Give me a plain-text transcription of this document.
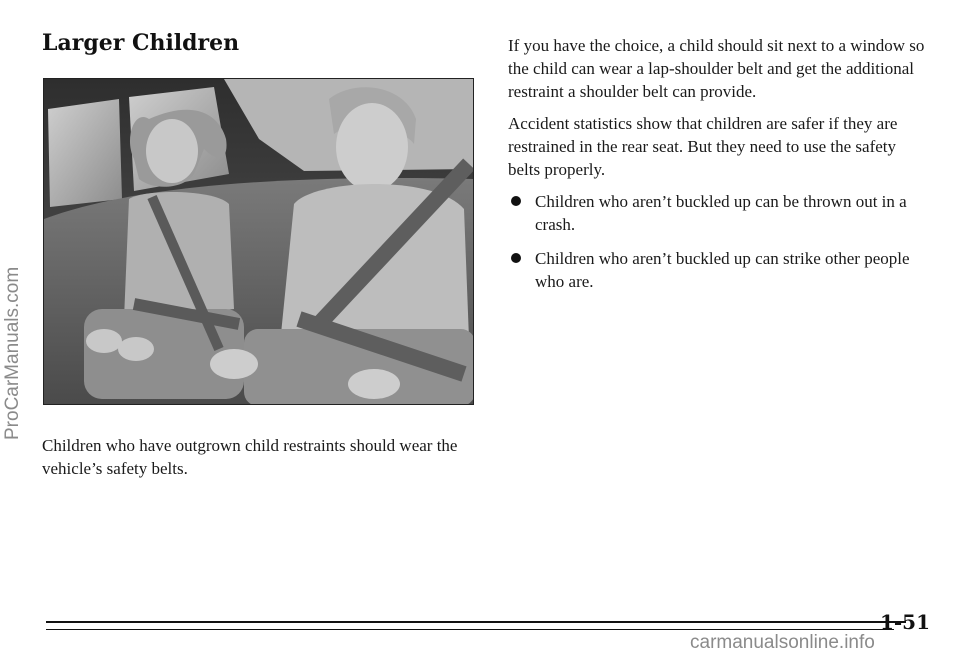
Larger Children

Children who have outgrown child restraints should wear the vehicle’s safety belts.

If you have the choice, a child should sit next to a window so the child can wear a lap-shoulder belt and get the additional restraint a shoulder belt can provide.

Accident statistics show that children are safer if they are restrained in the rear seat. But they need to use the safety belts properly.

Children who aren’t buckled up can be thrown out in a crash.
Children who aren’t buckled up can strike other people who are.
1-51
ProCarManuals.com
carmanualsonline.info
